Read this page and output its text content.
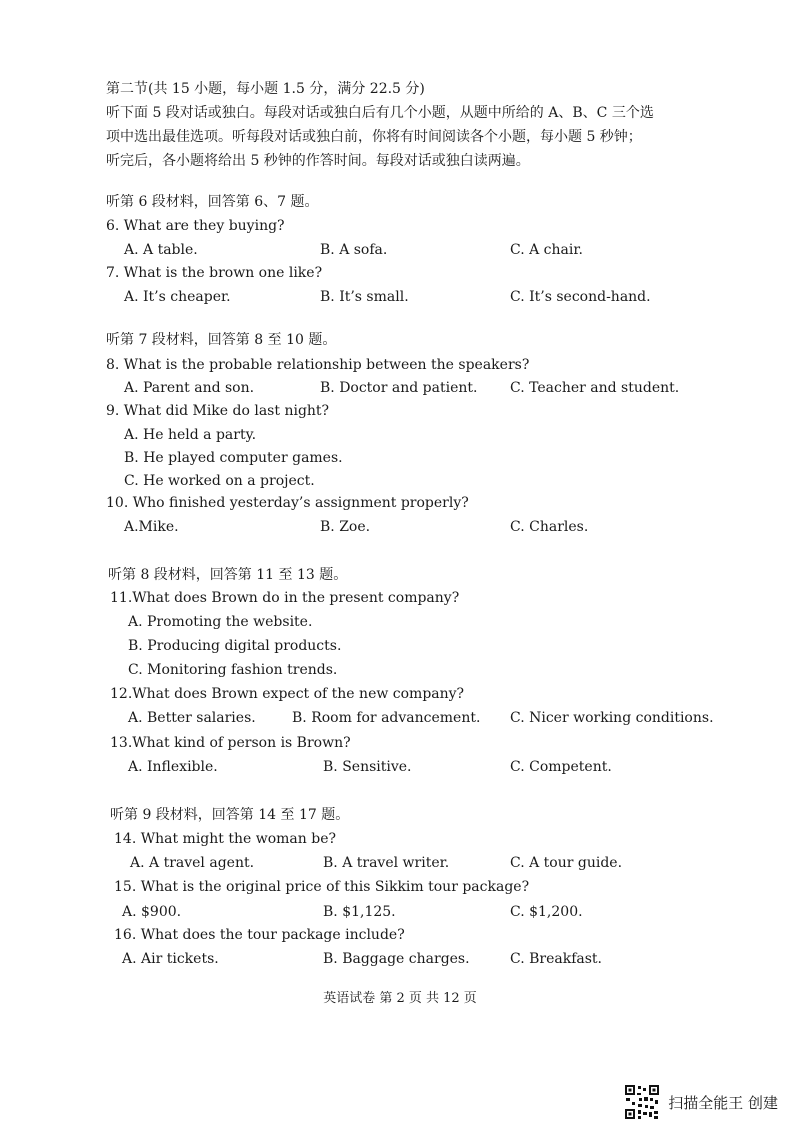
第二节(共 15 小题，每小题 1.5 分，满分 22.5 分)
听下面 5 段对话或独白。每段对话或独白后有几个小题，从题中所给的 A、B、C 三个选
项中选出最佳选项。听每段对话或独白前，你将有时间阅读各个小题，每小题 5 秒钟；
听完后，各小题将给出 5 秒钟的作答时间。每段对话或独白读两遍。
听第 6 段材料，回答第 6、7 题。
6. What are they buying?
A. A table.	B. A sofa.	C. A chair.
7. What is the brown one like?
A. It’s cheaper.	B. It’s small.	C. It’s second-hand.
听第 7 段材料，回答第 8 至 10 题。
8. What is the probable relationship between the speakers?
A. Parent and son.	B. Doctor and patient. C. Teacher and student.
9. What did Mike do last night?
A. He held a party.
B. He played computer games.
C. He worked on a project.
10. Who finished yesterday’s assignment properly?
A.Mike.	B. Zoe.	C. Charles.
听第 8 段材料，回答第 11 至 13 题。
11.What does Brown do in the present company?
A. Promoting the website.
B. Producing digital products.
C. Monitoring fashion trends.
12.What does Brown expect of the new company?
A. Better salaries.	B. Room for advancement. C. Nicer working conditions.
13.What kind of person is Brown?
A. Inflexible.	B. Sensitive.	C. Competent.
听第 9 段材料，回答第 14 至 17 题。
14. What might the woman be?
A. A travel agent.	B. A travel writer.	C. A tour guide.
15. What is the original price of this Sikkim tour package?
A. $900.	B. $1,125.	C. $1,200.
16. What does the tour package include?
A. Air tickets.	B. Baggage charges.	C. Breakfast.
英语试卷 第 2 页 共 12 页
扫描全能王 创建
